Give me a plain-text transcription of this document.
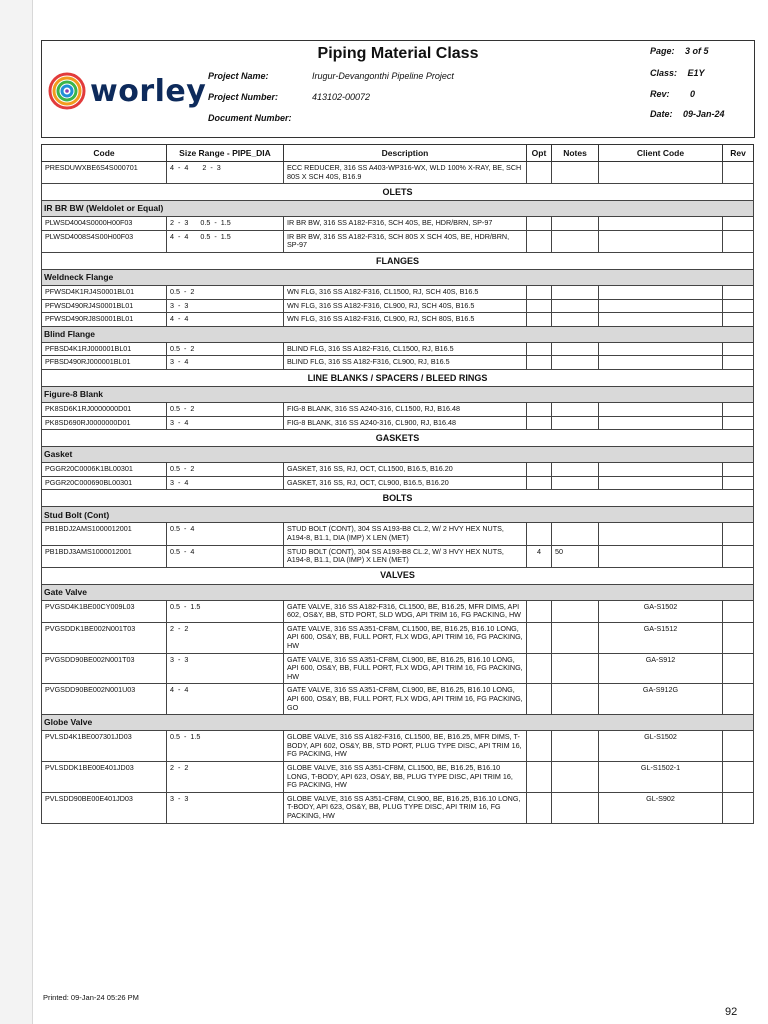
Piping Material Class
worley Project Name:	Irugur-Devangonthi Pipeline Project
Project Number:	413102-00072
Document Number:
Page: 3 of 5
Class: E1Y
Rev: 0
Date: 09-Jan-24
Code	Size Range - PIPE_DIA	Description	Opt	Notes	Client Code	Rev
PRESDUWXBE6S4S000701	4  -  4       2  -  3	ECC REDUCER, 316 SS A403-WP316-WX, WLD 100% X-RAY, BE, SCH 80S X SCH 40S, B16.9				
OLETS						
IR BR BW (Weldolet or Equal)						
PLWSD4004S0000H00F03	2  -  3      0.5  -  1.5	IR BR BW, 316 SS A182-F316, SCH 40S, BE, HDR/BRN, SP-97				
PLWSD4008S4S00H00F03	4  -  4      0.5  -  1.5	IR BR BW, 316 SS A182-F316, SCH 80S X SCH 40S, BE, HDR/BRN, SP-97				
FLANGES						
Weldneck Flange						
PFWSD4K1RJ4S0001BL01	0.5  -  2	WN FLG, 316 SS A182-F316, CL1500, RJ, SCH 40S, B16.5				
PFWSD490RJ4S0001BL01	3  -  3	WN FLG, 316 SS A182-F316, CL900, RJ, SCH 40S, B16.5				
PFWSD490RJ8S0001BL01	4  -  4	WN FLG, 316 SS A182-F316, CL900, RJ, SCH 80S, B16.5				
Blind Flange						
PFBSD4K1RJ000001BL01	0.5  -  2	BLIND FLG, 316 SS A182-F316, CL1500, RJ, B16.5				
PFBSD490RJ000001BL01	3  -  4	BLIND FLG, 316 SS A182-F316, CL900, RJ, B16.5				
LINE BLANKS / SPACERS / BLEED RINGS						
Figure-8 Blank						
PK8SD6K1RJ0000000D01	0.5  -  2	FIG-8 BLANK, 316 SS A240-316, CL1500, RJ, B16.48				
PK8SD690RJ0000000D01	3  -  4	FIG-8 BLANK, 316 SS A240-316, CL900, RJ, B16.48				
GASKETS						
Gasket						
PGGR20C0006K1BL00301	0.5  -  2	GASKET, 316 SS, RJ, OCT, CL1500, B16.5, B16.20				
PGGR20C000690BL00301	3  -  4	GASKET, 316 SS, RJ, OCT, CL900, B16.5, B16.20				
BOLTS						
Stud Bolt (Cont)						
PB1BDJ2AMS1000012001	0.5  -  4	STUD BOLT (CONT), 304 SS A193-B8 CL.2, W/ 2 HVY HEX NUTS, A194-8, B1.1, DIA (IMP) X LEN (MET)				
PB1BDJ3AMS1000012001	0.5  -  4	STUD BOLT (CONT), 304 SS A193-B8 CL.2, W/ 3 HVY HEX NUTS, A194-8, B1.1, DIA (IMP) X LEN (MET)	4	50		
VALVES						
Gate Valve						
PVGSD4K1BE00CY009L03	0.5  -  1.5	GATE VALVE, 316 SS A182-F316, CL1500, BE, B16.25, MFR DIMS, API 602, OS&Y, BB, STD PORT, SLD WDG, API TRIM 16, FG PACKING, HW			GA-S1502	
PVGSDDK1BE002N001T03	2  -  2	GATE VALVE, 316 SS A351-CF8M, CL1500, BE, B16.25, B16.10 LONG, API 600, OS&Y, BB, FULL PORT, FLX WDG, API TRIM 16, FG PACKING, HW			GA-S1512	
PVGSDD90BE002N001T03	3  -  3	GATE VALVE, 316 SS A351-CF8M, CL900, BE, B16.25, B16.10 LONG, API 600, OS&Y, BB, FULL PORT, FLX WDG, API TRIM 16, FG PACKING, HW			GA-S912	
PVGSDD90BE002N001U03	4  -  4	GATE VALVE, 316 SS A351-CF8M, CL900, BE, B16.25, B16.10 LONG, API 600, OS&Y, BB, FULL PORT, FLX WDG, API TRIM 16, FG PACKING, GO			GA-S912G	
Globe Valve						
PVLSD4K1BE007301JD03	0.5  -  1.5	GLOBE VALVE, 316 SS A182-F316, CL1500, BE, B16.25, MFR DIMS, T-BODY, API 602, OS&Y, BB, STD PORT, PLUG TYPE DISC, API TRIM 16, FG PACKING, HW			GL-S1502	
PVLSDDK1BE00E401JD03	2  -  2	GLOBE VALVE, 316 SS A351-CF8M, CL1500, BE, B16.25, B16.10 LONG, T-BODY, API 623, OS&Y, BB, PLUG TYPE DISC, API TRIM 16, FG PACKING, HW			GL-S1502-1	
PVLSDD90BE00E401JD03	3  -  3	GLOBE VALVE, 316 SS A351-CF8M, CL900, BE, B16.25, B16.10 LONG, T-BODY, API 623, OS&Y, BB, PLUG TYPE DISC, API TRIM 16, FG PACKING, HW			GL-S902	
Printed: 09-Jan-24 05:26 PM
92
